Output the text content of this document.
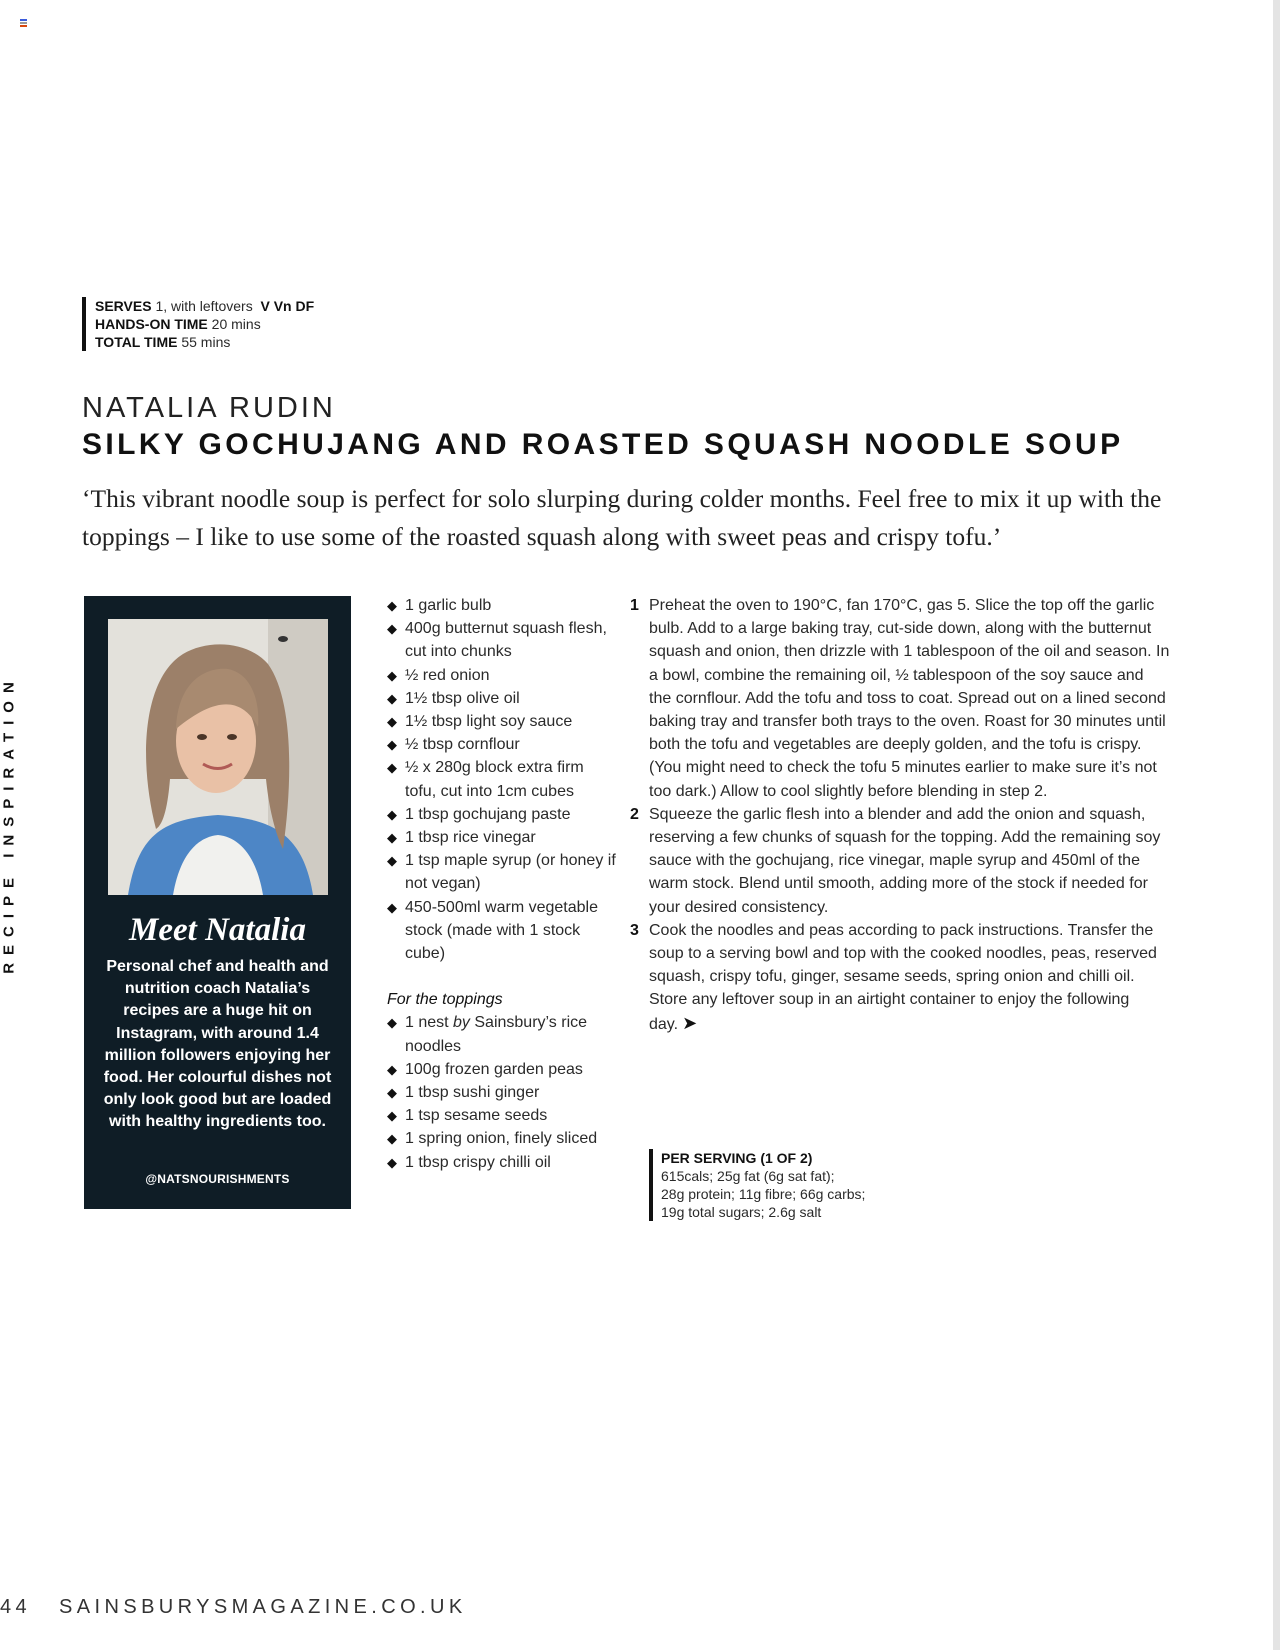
SERVES 1, with leftovers V Vn DF
HANDS-ON TIME 20 mins
TOTAL TIME 55 mins
NATALIA RUDIN
SILKY GOCHUJANG AND ROASTED SQUASH NOODLE SOUP

‘This vibrant noodle soup is perfect for solo slurping during colder months. Feel free to mix it up with the toppings – I like to use some of the roasted squash along with sweet peas and crispy tofu.’

RECIPE INSPIRATION	Meet Natalia

Personal chef and health and nutrition coach Natalia’s recipes are a huge hit on Instagram, with around 1.4 million followers enjoying her food. Her colourful dishes not only look good but are loaded with healthy ingredients too.

@NATSNOURISHMENTS
◆ 1 garlic bulb
◆ 400g butternut squash flesh, cut into chunks
◆ ½ red onion
◆ 1½ tbsp olive oil
◆ 1½ tbsp light soy sauce
◆ ½ tbsp cornflour
◆ ½ x 280g block extra firm tofu, cut into 1cm cubes
◆ 1 tbsp gochujang paste
◆ 1 tbsp rice vinegar
◆ 1 tsp maple syrup (or honey if not vegan)
◆ 450-500ml warm vegetable stock (made with 1 stock cube)
For the toppings
◆ 1 nest by Sainsbury’s rice noodles
◆ 100g frozen garden peas
◆ 1 tbsp sushi ginger
◆ 1 tsp sesame seeds
◆ 1 spring onion, finely sliced
◆ 1 tbsp crispy chilli oil

1 Preheat the oven to 190°C, fan 170°C, gas 5. Slice the top off the garlic bulb. Add to a large baking tray, cut-side down, along with the butternut squash and onion, then drizzle with 1 tablespoon of the oil and season. In a bowl, combine the remaining oil, ½ tablespoon of the soy sauce and the cornflour. Add the tofu and toss to coat. Spread out on a lined second baking tray and transfer both trays to the oven. Roast for 30 minutes until both the tofu and vegetables are deeply golden, and the tofu is crispy. (You might need to check the tofu 5 minutes earlier to make sure it’s not too dark.) Allow to cool slightly before blending in step 2.

2 Squeeze the garlic flesh into a blender and add the onion and squash, reserving a few chunks of squash for the topping. Add the remaining soy sauce with the gochujang, rice vinegar, maple syrup and 450ml of the warm stock. Blend until smooth, adding more of the stock if needed for your desired consistency.

3 Cook the noodles and peas according to pack instructions. Transfer the soup to a serving bowl and top with the cooked noodles, peas, reserved squash, crispy tofu, ginger, sesame seeds, spring onion and chilli oil. Store any leftover soup in an airtight container to enjoy the following day. ➤

PER SERVING (1 OF 2)
615cals; 25g fat (6g sat fat);
28g protein; 11g fibre; 66g carbs;
19g total sugars; 2.6g salt
44 SAINSBURYSMAGAZINE.CO.UK
